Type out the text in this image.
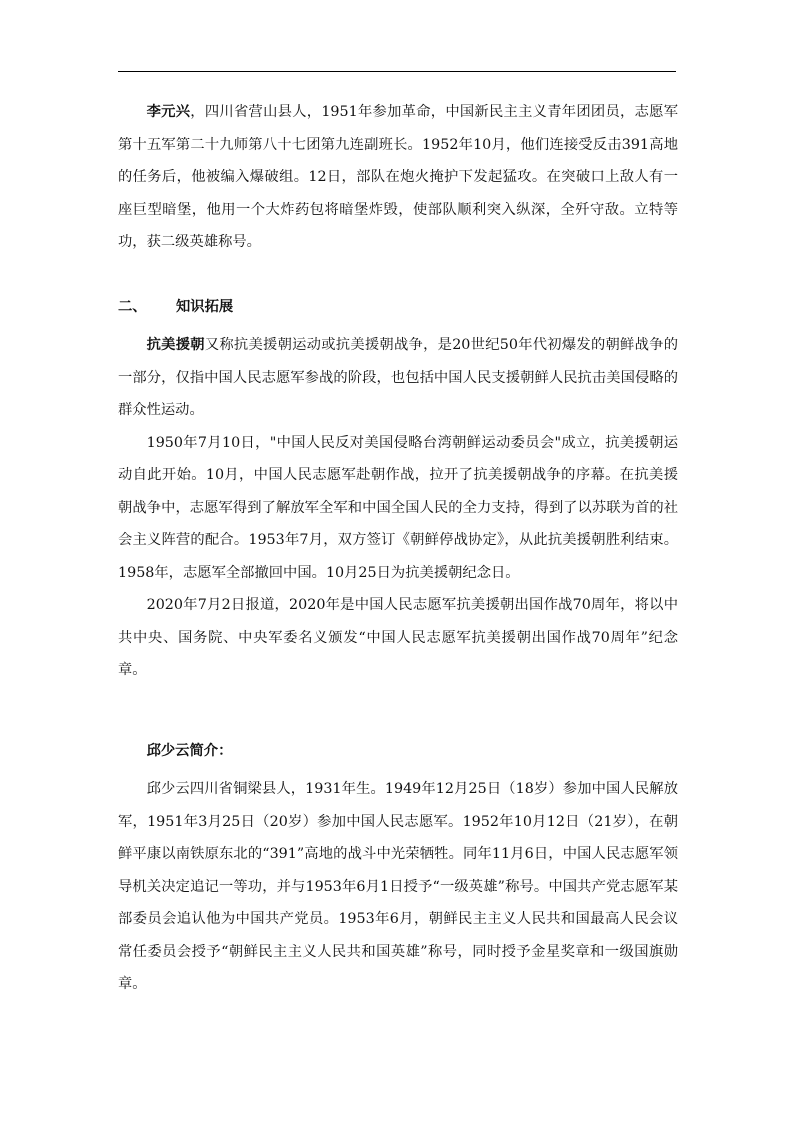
李元兴，四川省营山县人，1951年参加革命，中国新民主主义青年团团员，志愿军第十五军第二十九师第八十七团第九连副班长。1952年10月，他们连接受反击391高地的任务后，他被编入爆破组。12日，部队在炮火掩护下发起猛攻。在突破口上敌人有一座巨型暗堡，他用一个大炸药包将暗堡炸毁，使部队顺利突入纵深，全歼守敌。立特等功，获二级英雄称号。

二、	知识拓展

抗美援朝又称抗美援朝运动或抗美援朝战争，是20世纪50年代初爆发的朝鲜战争的一部分，仅指中国人民志愿军参战的阶段，也包括中国人民支援朝鲜人民抗击美国侵略的群众性运动。

1950年7月10日，"中国人民反对美国侵略台湾朝鲜运动委员会"成立，抗美援朝运动自此开始。10月，中国人民志愿军赴朝作战，拉开了抗美援朝战争的序幕。在抗美援朝战争中，志愿军得到了解放军全军和中国全国人民的全力支持，得到了以苏联为首的社会主义阵营的配合。1953年7月，双方签订《朝鲜停战协定》，从此抗美援朝胜利结束。1958年，志愿军全部撤回中国。10月25日为抗美援朝纪念日。

2020年7月2日报道，2020年是中国人民志愿军抗美援朝出国作战70周年，将以中共中央、国务院、中央军委名义颁发“中国人民志愿军抗美援朝出国作战70周年”纪念章。

邱少云简介：

邱少云四川省铜梁县人，1931年生。1949年12月25日（18岁）参加中国人民解放军，1951年3月25日（20岁）参加中国人民志愿军。1952年10月12日（21岁），在朝鲜平康以南铁原东北的“391”高地的战斗中光荣牺牲。同年11月6日，中国人民志愿军领导机关决定追记一等功，并与1953年6月1日授予“一级英雄”称号。中国共产党志愿军某部委员会追认他为中国共产党员。1953年6月，朝鲜民主主义人民共和国最高人民会议常任委员会授予“朝鲜民主主义人民共和国英雄”称号，同时授予金星奖章和一级国旗勋章。
